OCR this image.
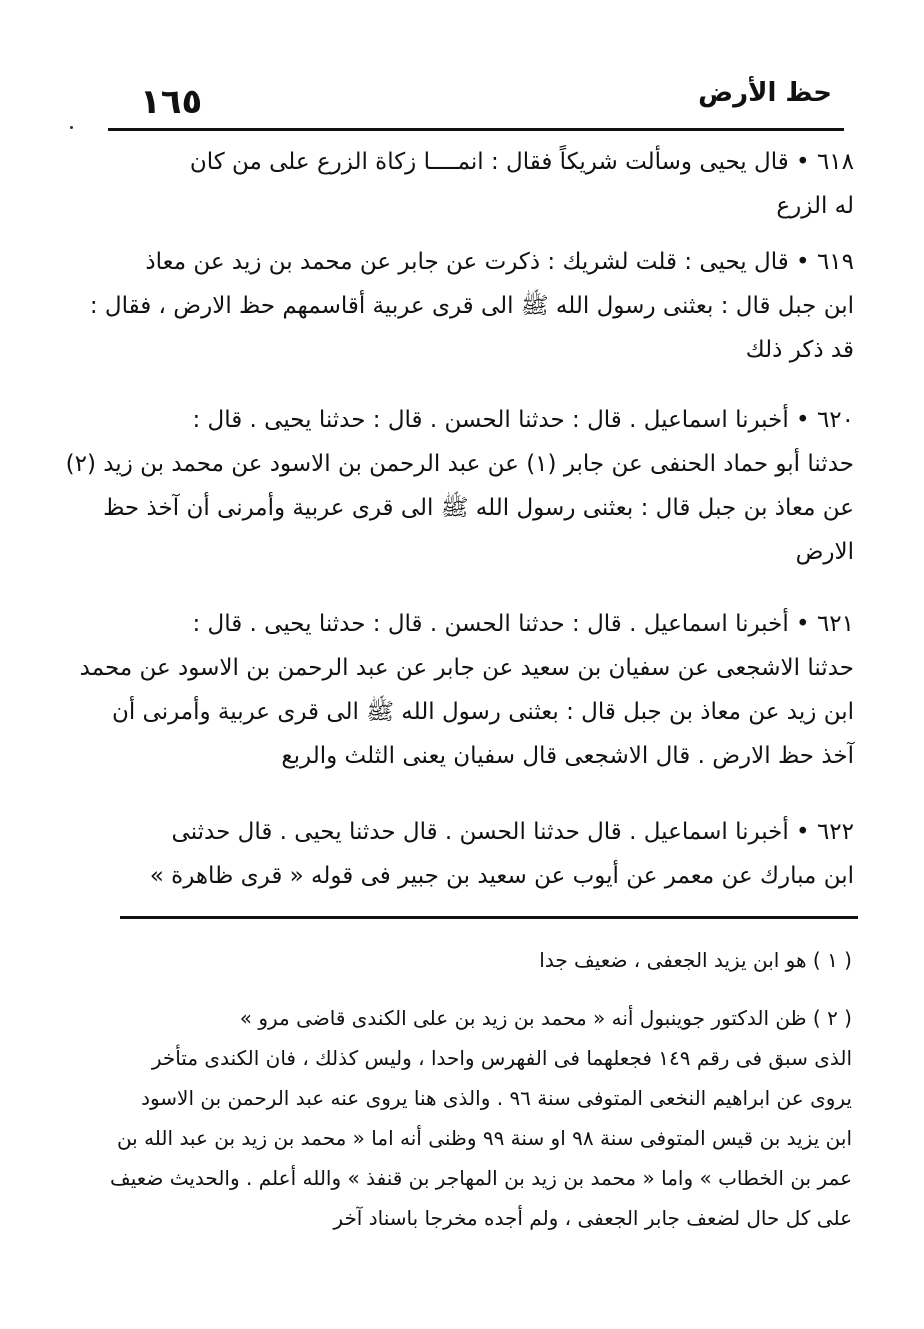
حظ الأرض
١٦٥
٦١٨ • قال يحيى وسألت شريكاً فقال : انمــــا زكاة الزرع على من كان
له الزرع
٦١٩ • قال يحيى : قلت لشريك : ذكرت عن جابر عن محمد بن زيد عن معاذ
ابن جبل قال : بعثنى رسول الله ﷺ الى قرى عربية أقاسمهم حظ الارض ، فقال :
قد ذكر ذلك
٦٢٠ • أخبرنا اسماعيل . قال : حدثنا الحسن . قال : حدثنا يحيى . قال :
حدثنا أبو حماد الحنفى عن جابر (١) عن عبد الرحمن بن الاسود عن محمد بن زيد (٢)
عن معاذ بن جبل قال : بعثنى رسول الله ﷺ الى قرى عربية وأمرنى أن آخذ حظ
الارض
٦٢١ • أخبرنا اسماعيل . قال : حدثنا الحسن . قال : حدثنا يحيى . قال :
حدثنا الاشجعى عن سفيان بن سعيد عن جابر عن عبد الرحمن بن الاسود عن محمد
ابن زيد عن معاذ بن جبل قال : بعثنى رسول الله ﷺ الى قرى عربية وأمرنى أن
آخذ حظ الارض . قال الاشجعى قال سفيان يعنى الثلث والربع
٦٢٢ • أخبرنا اسماعيل . قال حدثنا الحسن . قال حدثنا يحيى . قال حدثنى
ابن مبارك عن معمر عن أيوب عن سعيد بن جبير فى قوله « قرى ظاهرة »
( ١ ) هو ابن يزيد الجعفى ، ضعيف جدا
( ٢ ) ظن الدكتور جوينبول أنه « محمد بن زيد بن على الكندى قاضى مرو »
الذى سبق فى رقم ١٤٩ فجعلهما فى الفهرس واحدا ، وليس كذلك ، فان الكندى متأخر
يروى عن ابراهيم النخعى المتوفى سنة ٩٦ . والذى هنا يروى عنه عبد الرحمن بن الاسود
ابن يزيد بن قيس المتوفى سنة ٩٨ او سنة ٩٩ وظنى أنه اما « محمد بن زيد بن عبد الله بن
عمر بن الخطاب » واما « محمد بن زيد بن المهاجر بن قنفذ » والله أعلم . والحديث ضعيف
على كل حال لضعف جابر الجعفى ، ولم أجده مخرجا باسناد آخر
